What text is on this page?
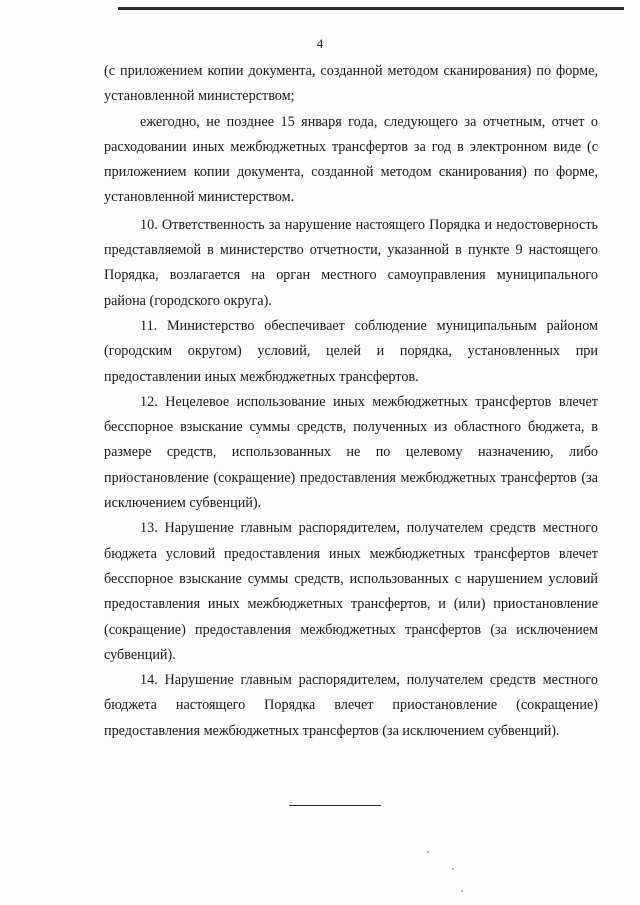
4

(с приложением копии документа, созданной методом сканирования) по форме, установленной министерством;

ежегодно, не позднее 15 января года, следующего за отчетным, отчет о расходовании иных межбюджетных трансфертов за год в электронном виде (с приложением копии документа, созданной методом сканирования) по форме, установленной министерством.

10. Ответственность за нарушение настоящего Порядка и недостоверность представляемой в министерство отчетности, указанной в пункте 9 настоящего Порядка, возлагается на орган местного самоуправления муниципального района (городского округа).

11. Министерство обеспечивает соблюдение муниципальным районом (городским округом) условий, целей и порядка, установленных при предоставлении иных межбюджетных трансфертов.

12. Нецелевое использование иных межбюджетных трансфертов влечет бесспорное взыскание суммы средств, полученных из областного бюджета, в размере средств, использованных не по целевому назначению, либо приостановление (сокращение) предоставления межбюджетных трансфертов (за исключением субвенций).

13. Нарушение главным распорядителем, получателем средств местного бюджета условий предоставления иных межбюджетных трансфертов влечет бесспорное взыскание суммы средств, использованных с нарушением условий предоставления иных межбюджетных трансфертов, и (или) приостановление (сокращение) предоставления межбюджетных трансфертов (за исключением субвенций).

14. Нарушение главным распорядителем, получателем средств местного бюджета настоящего Порядка влечет приостановление (сокращение) предоставления межбюджетных трансфертов (за исключением субвенций).
